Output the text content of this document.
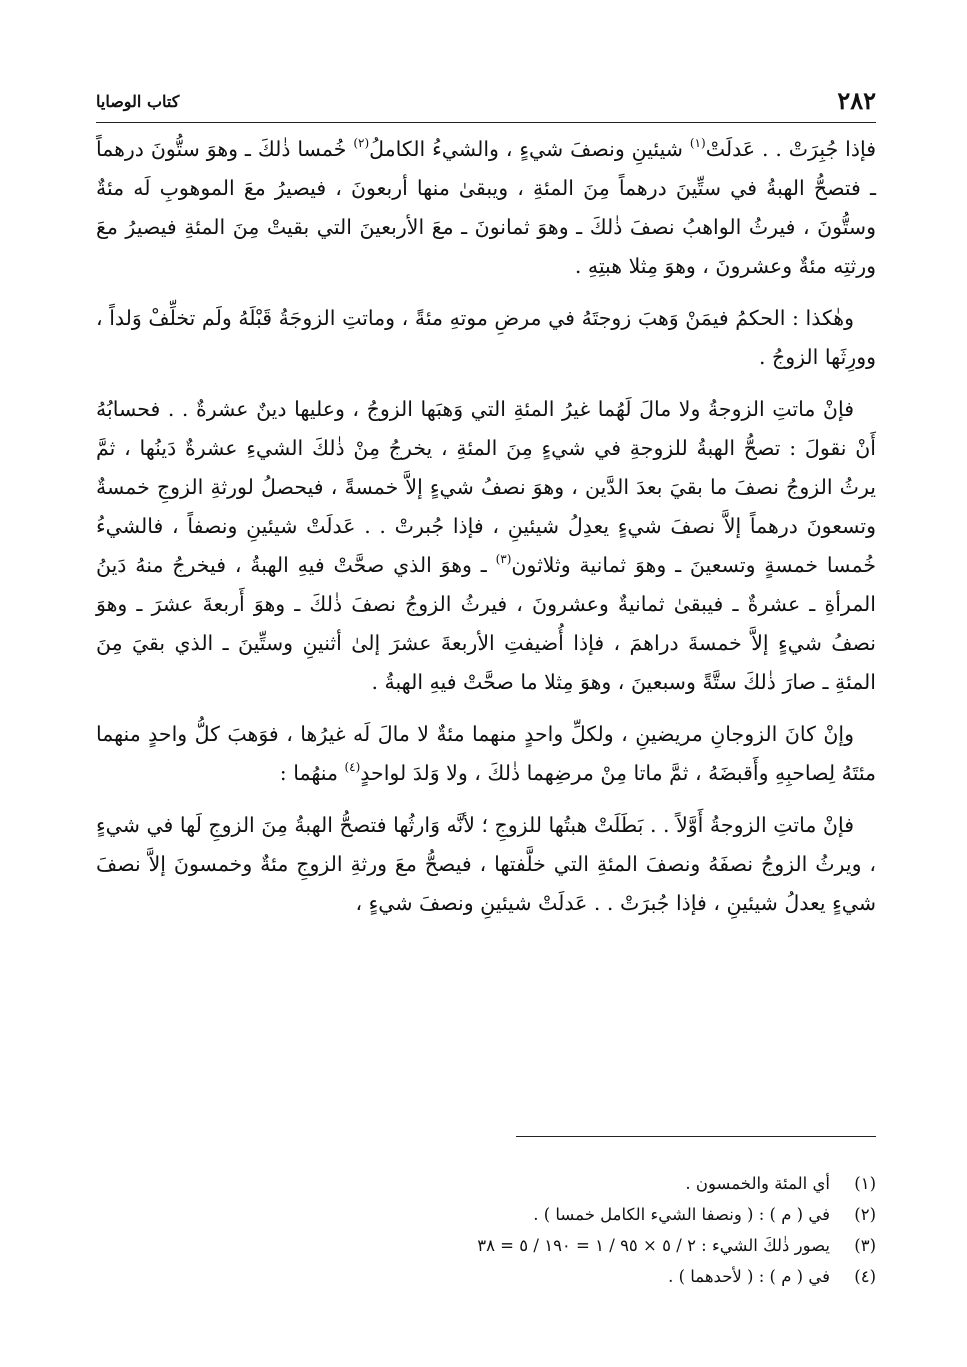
٢٨٢
كتاب الوصايا

فإذا جُبِرَتْ . . عَدلَتْ$^{(١)}$ شيئينِ ونصفَ شيءٍ ، والشيءُ الكاملُ$^{(٢)}$ خُمسا ذٰلكَ ـ وهوَ ستُّونَ درهماً ـ فتصحُّ الهبةُ في ستِّينَ درهماً مِنَ المئةِ ، ويبقىٰ منها أربعونَ ، فيصيرُ معَ الموهوبِ لَه مئةٌ وستُّونَ ، فيرثُ الواهبُ نصفَ ذٰلكَ ـ وهوَ ثمانونَ ـ معَ الأربعينَ التي بقيتْ مِنَ المئةِ فيصيرُ معَ ورثتِه مئةٌ وعشرونَ ، وهوَ مِثلا هبتِهِ .

وهٰكذا : الحكمُ فيمَنْ وَهبَ زوجتَهُ في مرضِ موتهِ مئةً ، وماتتِ الزوجَةُ قَبْلَهُ ولَم تخلِّفْ وَلداً ، وورِثَها الزوجُ .

فإنْ ماتتِ الزوجةُ ولا مالَ لَهُما غيرُ المئةِ التي وَهبَها الزوجُ ، وعليها دينٌ عشرةٌ . . فحسابُهُ أَنْ نقولَ : تصحُّ الهبةُ للزوجةِ في شيءٍ مِنَ المئةِ ، يخرجُ مِنْ ذٰلكَ الشيءِ عشرةٌ دَينُها ، ثمَّ يرثُ الزوجُ نصفَ ما بقيَ بعدَ الدَّين ، وهوَ نصفُ شيءٍ إلاَّ خمسةً ، فيحصلُ لورثةِ الزوجِ خمسةٌ وتسعونَ درهماً إلاَّ نصفَ شيءٍ يعدِلُ شيئينِ ، فإذا جُبرتْ . . عَدلَتْ شيئينِ ونصفاً ، فالشيءُ خُمسا خمسةٍ وتسعينَ ـ وهوَ ثمانية وثلاثون$^{(٣)}$ ـ وهوَ الذي صحَّتْ فيهِ الهبةُ ، فيخرجُ منهُ دَينُ المرأةِ ـ عشرةٌ ـ فيبقىٰ ثمانيةٌ وعشرونَ ، فيرثُ الزوجُ نصفَ ذٰلكَ ـ وهوَ أَربعةَ عشرَ ـ وهوَ نصفُ شيءٍ إلاَّ خمسةَ دراهمَ ، فإذا أُضيفتِ الأربعةَ عشرَ إلىٰ أثنينِ وستِّينَ ـ الذي بقيَ مِنَ المئةِ ـ صارَ ذٰلكَ ستَّةً وسبعينَ ، وهوَ مِثلا ما صحَّتْ فيهِ الهبةُ .

وإنْ كانَ الزوجانِ مريضينِ ، ولكلِّ واحدٍ منهما مئةٌ لا مالَ لَه غيرُها ، فوَهبَ كلُّ واحدٍ منهما مئتَهُ لِصاحبِهِ وأَقبضَهُ ، ثمَّ ماتا مِنْ مرضِهما ذٰلكَ ، ولا وَلدَ لواحدٍ$^{(٤)}$ منهُما :

فإنْ ماتتِ الزوجةُ أَوَّلاً . . بَطَلَتْ هبتُها للزوجِ ؛ لأنَّه وَارثُها فتصحُّ الهبةُ مِنَ الزوجِ لَها في شيءٍ ، ويرثُ الزوجُ نصفَهُ ونصفَ المئةِ التي خلَّفتها ، فيصحُّ معَ ورثةِ الزوجِ مئةٌ وخمسونَ إلاَّ نصفَ شيءٍ يعدلُ شيئينِ ، فإذا جُبرَتْ . . عَدلَتْ شيئينِ ونصفَ شيءٍ ،

(١)أي المئة والخمسون .

(٢)في ( م ) : ( ونصفا الشيء الكامل خمسا ) .

(٣)يصور ذٰلكَ الشيء : ٢ / ٥ × ٩٥ / ١ = ١٩٠ / ٥ = ٣٨

(٤)في ( م ) : ( لأحدهما ) .
